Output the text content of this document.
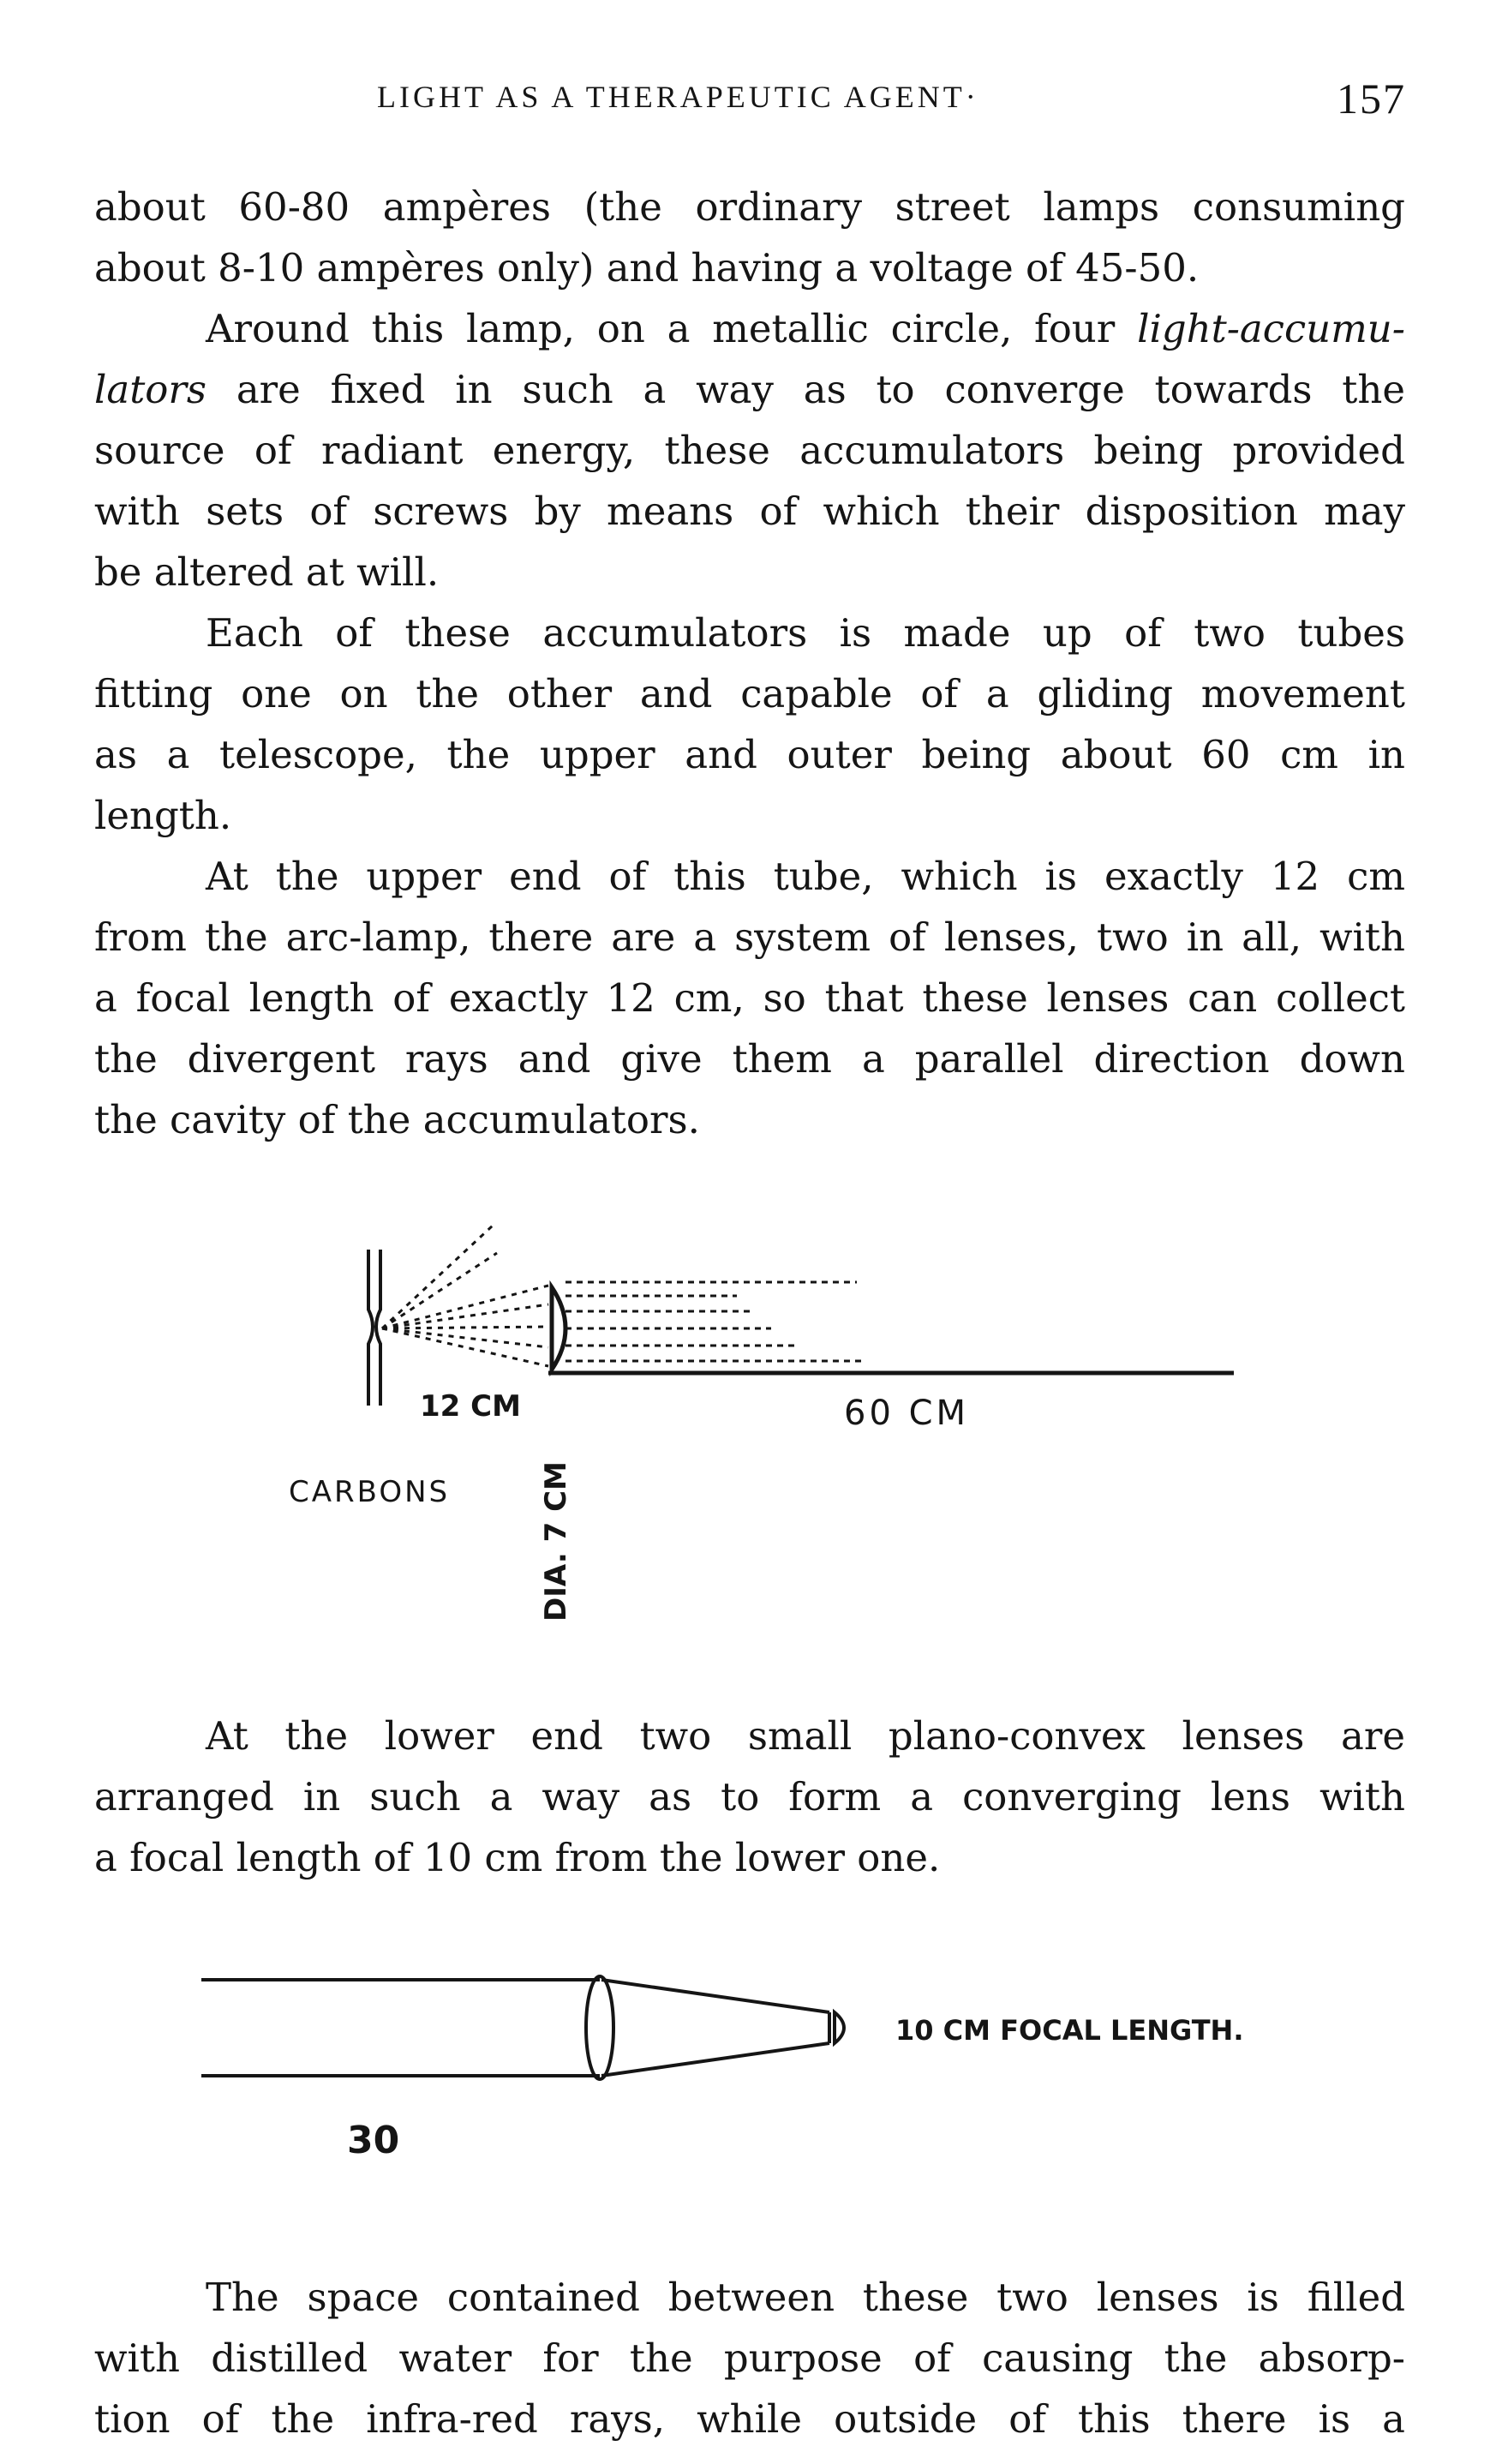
LIGHT AS A THERAPEUTIC AGENT·	157
about 60-80 ampères (the ordinary street lamps consuming
about 8-10 ampères only) and having a voltage of 45-50.
Around this lamp, on a metallic circle, four light-accumu-
lators are fixed in such a way as to converge towards the
source of radiant energy, these accumulators being provided
with sets of screws by means of which their disposition may
be altered at will.
Each of these accumulators is made up of two tubes
fitting one on the other and capable of a gliding movement
as a telescope, the upper and outer being about 60 cm in
length.
At the upper end of this tube, which is exactly 12 cm
from the arc-lamp, there are a system of lenses, two in all, with
a focal length of exactly 12 cm, so that these lenses can collect
the divergent rays and give them a parallel direction down
the cavity of the accumulators.
12 CM	60 CM
CARBONS	DIA. 7 CM
At the lower end two small plano-convex lenses are
arranged in such a way as to form a converging lens with
a focal length of 10 cm from the lower one.
10 CM FOCAL LENGTH.
30
The space contained between these two lenses is filled
with distilled water for the purpose of causing the absorp-
tion of the infra-red rays, while outside of this there is a
